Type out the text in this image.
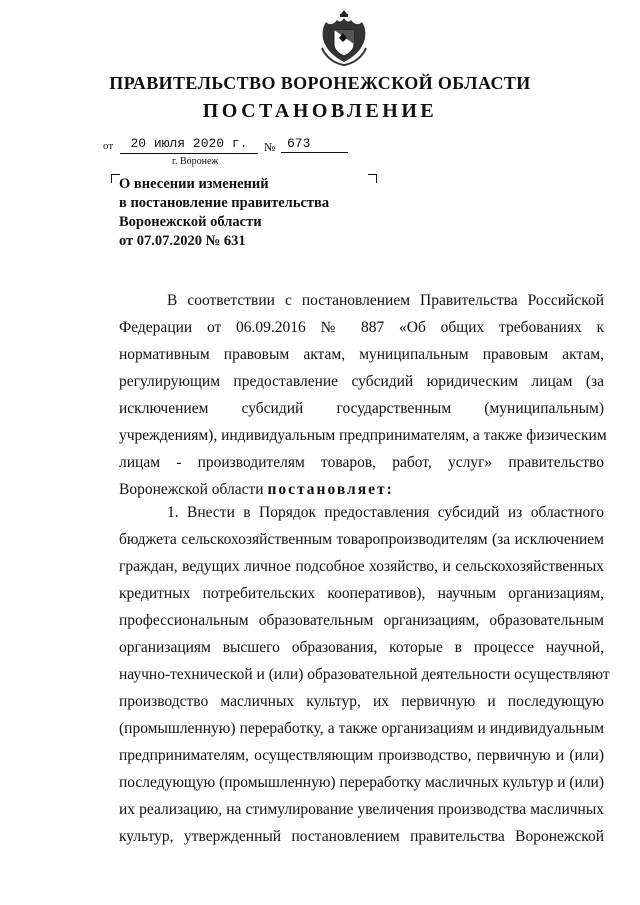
ПРАВИТЕЛЬСТВО ВОРОНЕЖСКОЙ ОБЛАСТИ
ПОСТАНОВЛЕНИЕ
от	20 июля 2020 г.	№ 673
г. Воронеж
О внесении изменений
в постановление правительства
Воронежской области
от 07.07.2020 № 631
В соответствии с постановлением Правительства Российской
Федерации от 06.09.2016 № 887 «Об общих требованиях к
нормативным правовым актам, муниципальным правовым актам,
регулирующим предоставление субсидий юридическим лицам (за
исключением субсидий государственным (муниципальным)
учреждениям), индивидуальным предпринимателям, а также физическим
лицам - производителям товаров, работ, услуг» правительство
Воронежской области постановляет:
1. Внести в Порядок предоставления субсидий из областного
бюджета сельскохозяйственным товаропроизводителям (за исключением
граждан, ведущих личное подсобное хозяйство, и сельскохозяйственных
кредитных потребительских кооперативов), научным организациям,
профессиональным образовательным организациям, образовательным
организациям высшего образования, которые в процессе научной,
научно-технической и (или) образовательной деятельности осуществляют
производство масличных культур, их первичную и последующую
(промышленную) переработку, а также организациям и индивидуальным
предпринимателям, осуществляющим производство, первичную и (или)
последующую (промышленную) переработку масличных культур и (или)
их реализацию, на стимулирование увеличения производства масличных
культур, утвержденный постановлением правительства Воронежской
